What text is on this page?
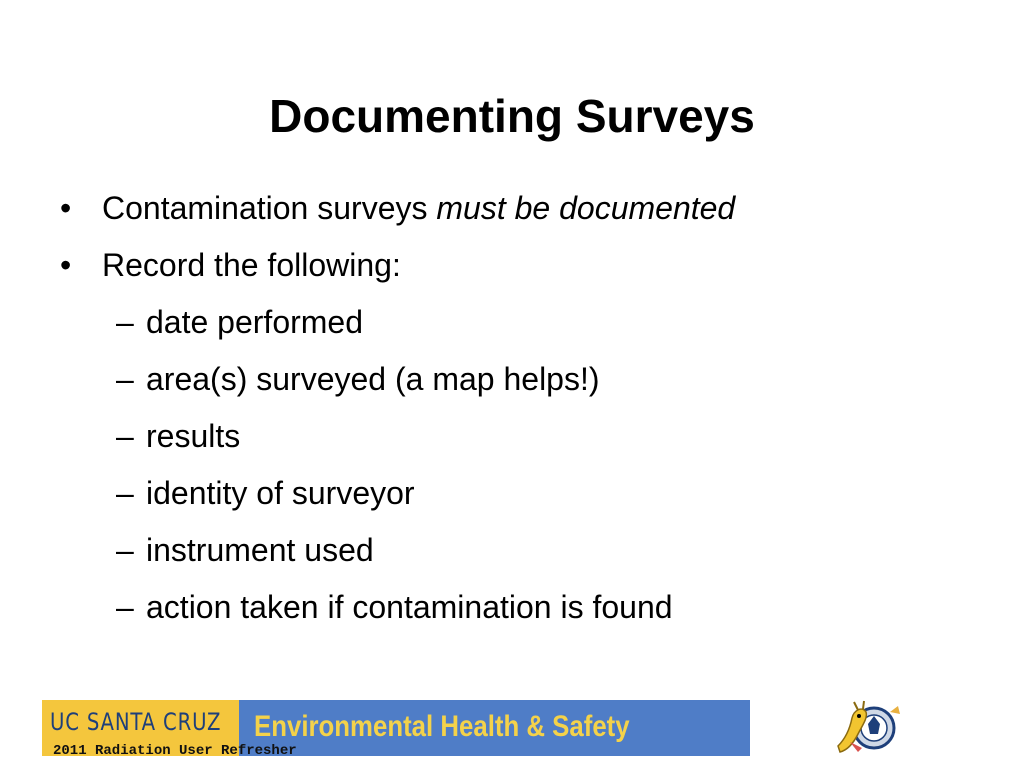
Documenting Surveys
• Contamination surveys must be documented
• Record the following:
– date performed
– area(s) surveyed (a map helps!)
– results
– identity of surveyor
– instrument used
– action taken if contamination is found
UC SANTA CRUZ Environmental Health & Safety
2011 Radiation User Refresher
